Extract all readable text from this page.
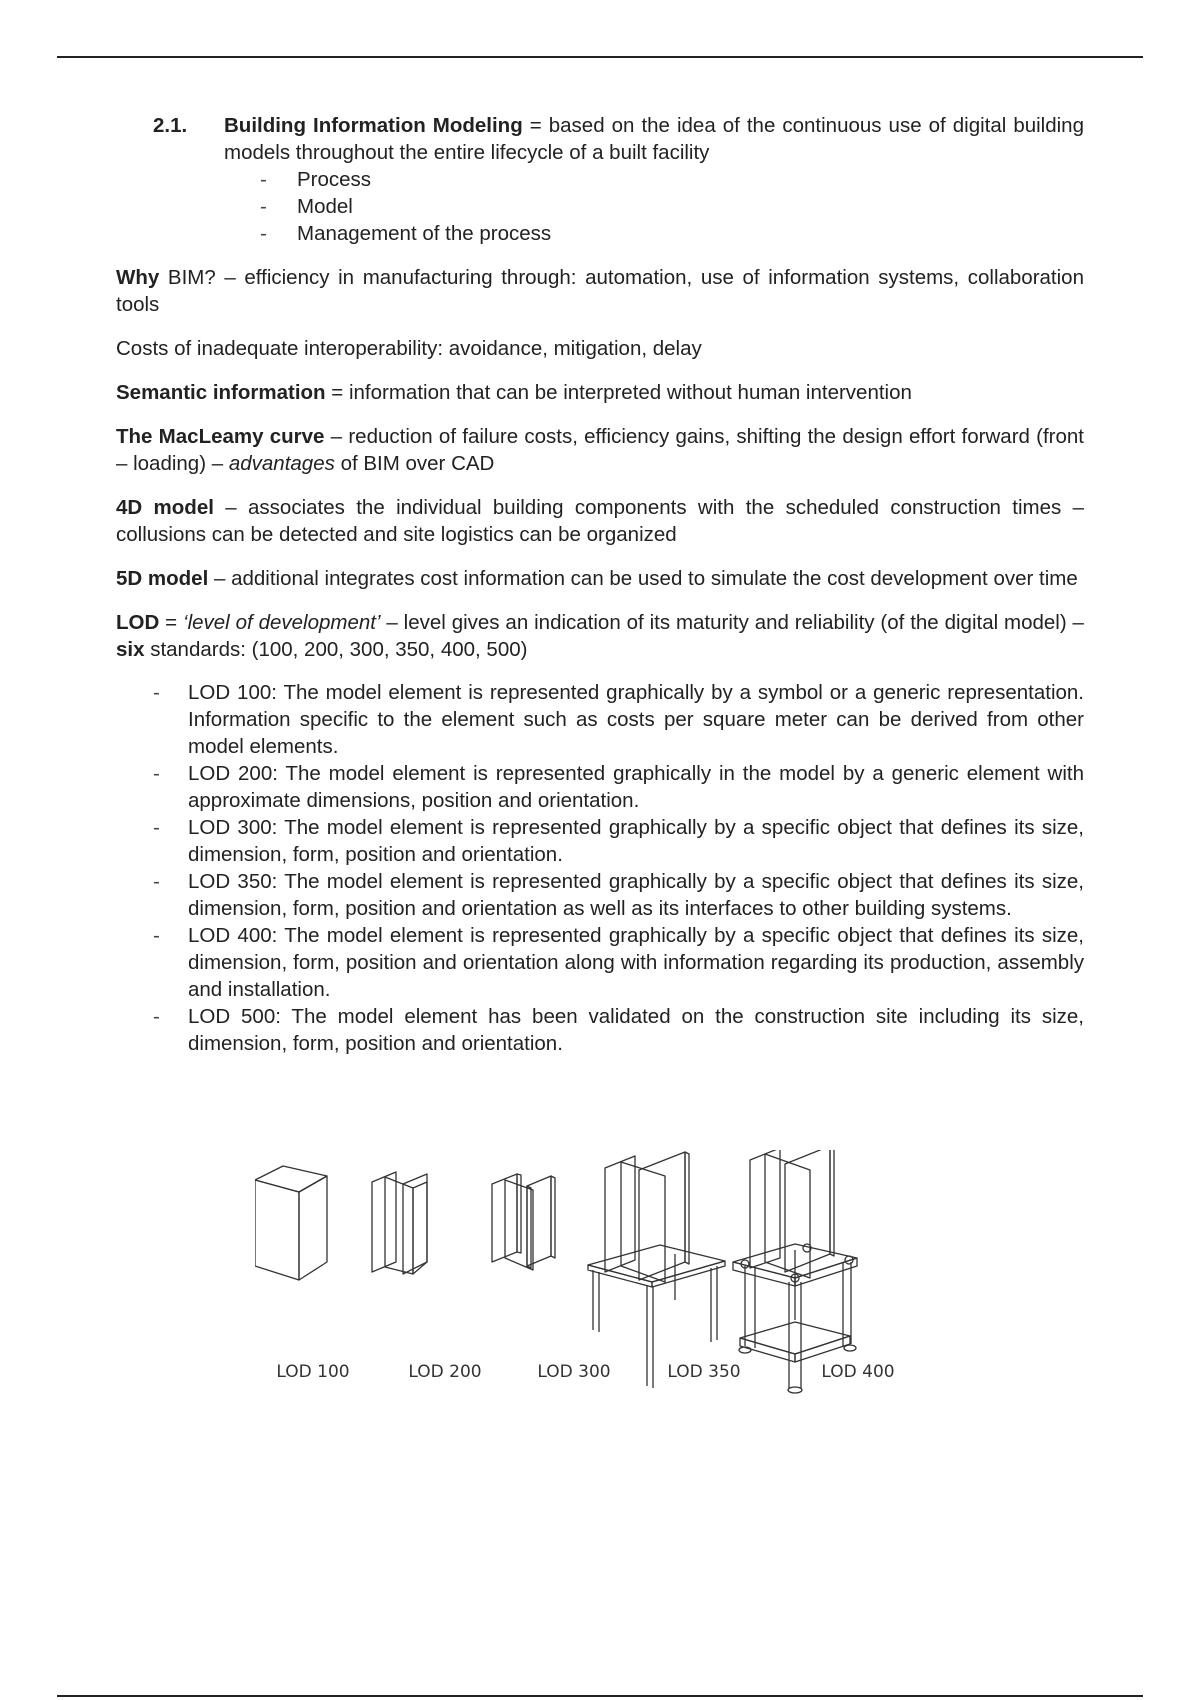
2.1.	Building Information Modeling = based on the idea of the continuous use of digital building models throughout the entire lifecycle of a built facility
-	Process
-	Model
-	Management of the process

Why BIM? – efficiency in manufacturing through: automation, use of information systems, collaboration tools

Costs of inadequate interoperability: avoidance, mitigation, delay

Semantic information = information that can be interpreted without human intervention

The MacLeamy curve – reduction of failure costs, efficiency gains, shifting the design effort forward (front – loading) – advantages of BIM over CAD

4D model – associates the individual building components with the scheduled construction times – collusions can be detected and site logistics can be organized

5D model – additional integrates cost information can be used to simulate the cost development over time

LOD = ‘level of development’ – level gives an indication of its maturity and reliability (of the digital model) – six standards: (100, 200, 300, 350, 400, 500)

-	LOD 100: The model element is represented graphically by a symbol or a generic representation. Information specific to the element such as costs per square meter can be derived from other model elements.
-	LOD 200: The model element is represented graphically in the model by a generic element with approximate dimensions, position and orientation.
-	LOD 300: The model element is represented graphically by a specific object that defines its size, dimension, form, position and orientation.
-	LOD 350: The model element is represented graphically by a specific object that defines its size, dimension, form, position and orientation as well as its interfaces to other building systems.
-	LOD 400: The model element is represented graphically by a specific object that defines its size, dimension, form, position and orientation along with information regarding its production, assembly and installation.
-	LOD 500: The model element has been validated on the construction site including its size, dimension, form, position and orientation.
LOD 100	LOD 200	LOD 300	LOD 350	LOD 400
